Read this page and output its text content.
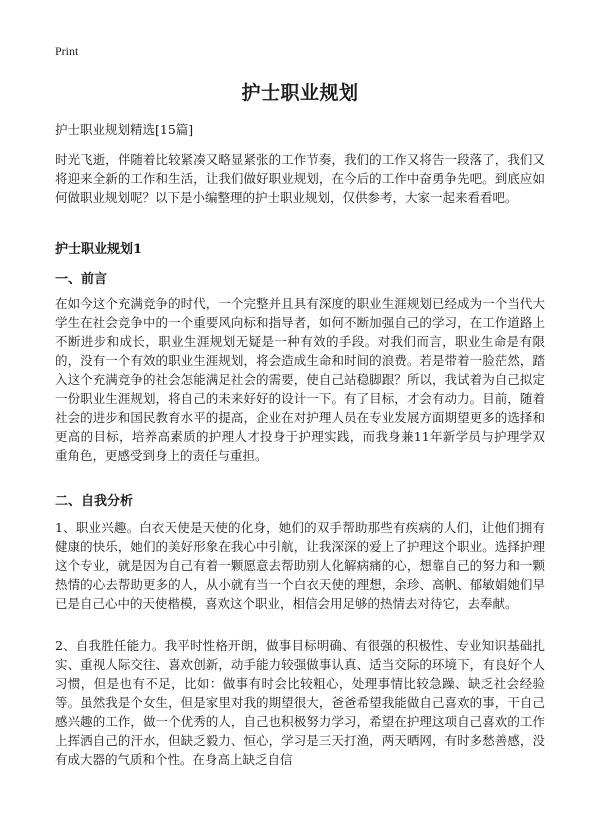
Print
护士职业规划
护士职业规划精选[15篇]
时光飞逝，伴随着比较紧凑又略显紧张的工作节奏，我们的工作又将告一段落了，我们又将迎来全新的工作和生活，让我们做好职业规划，在今后的工作中奋勇争先吧。到底应如何做职业规划呢？以下是小编整理的护士职业规划，仅供参考，大家一起来看看吧。
护士职业规划1
一、前言
在如今这个充满竞争的时代，一个完整并且具有深度的职业生涯规划已经成为一个当代大学生在社会竞争中的一个重要风向标和指导者，如何不断加强自己的学习，在工作道路上不断进步和成长，职业生涯规划无疑是一种有效的手段。对我们而言，职业生命是有限的，没有一个有效的职业生涯规划，将会造成生命和时间的浪费。若是带着一脸茫然，踏入这个充满竞争的社会怎能满足社会的需要，使自己站稳脚跟？所以，我试着为自己拟定一份职业生涯规划，将自己的未来好好的设计一下。有了目标，才会有动力。目前，随着社会的进步和国民教育水平的提高，企业在对护理人员在专业发展方面期望更多的选择和更高的目标，培养高素质的护理人才投身于护理实践，而我身兼11年新学员与护理学双重角色，更感受到身上的责任与重担。
二、自我分析
1、职业兴趣。白衣天使是天使的化身，她们的双手帮助那些有疾病的人们，让他们拥有健康的快乐，她们的美好形象在我心中引航，让我深深的爱上了护理这个职业。选择护理这个专业，就是因为自己有着一颗愿意去帮助别人化解病痛的心，想靠自己的努力和一颗热情的心去帮助更多的人，从小就有当一个白衣天使的理想，余珍、高帆、郁敏娟她们早已是自己心中的天使楷模，喜欢这个职业，相信会用足够的热情去对待它，去奉献。
2、自我胜任能力。我平时性格开朗，做事目标明确、有很强的积极性、专业知识基础扎实、重视人际交往、喜欢创新，动手能力较强做事认真、适当交际的环境下，有良好个人习惯，但是也有不足，比如：做事有时会比较粗心，处理事情比较急躁、缺乏社会经验等。虽然我是个女生，但是家里对我的期望很大，爸爸希望我能做自己喜欢的事，干自己感兴趣的工作，做一个优秀的人，自己也积极努力学习，希望在护理这项自己喜欢的工作上挥洒自己的汗水，但缺乏毅力、恒心，学习是三天打渔，两天晒网，有时多愁善感，没有成大器的气质和个性。在身高上缺乏自信
